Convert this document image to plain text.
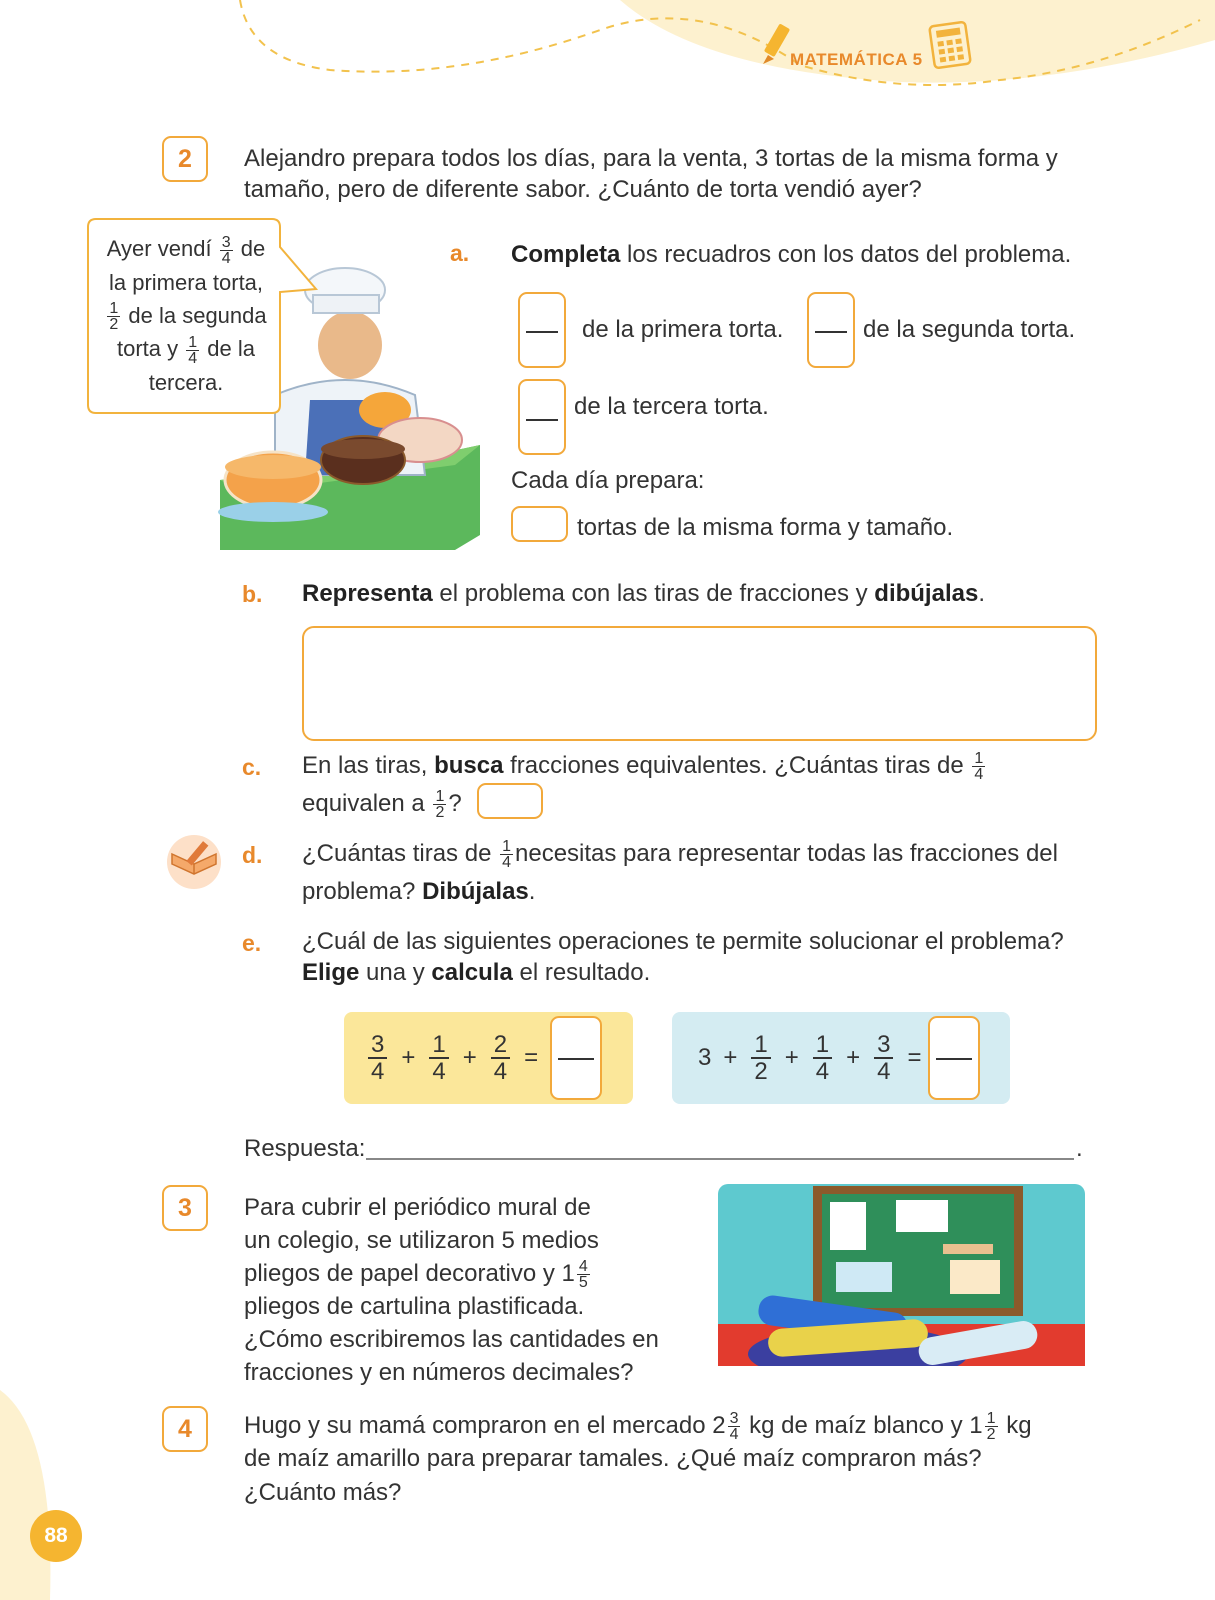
MATEMÁTICA 5
88
2	Alejandro prepara todos los días, para la venta, 3 tortas de la misma forma y
tamaño, pero de diferente sabor. ¿Cuánto de torta vendió ayer?
Ayer vendí $\frac{3}{4}$ de
la primera torta,
$\frac{1}{2}$ de la segunda
torta y $\frac{1}{4}$ de la
tercera.
a. Completa los recuadros con los datos del problema.
de la primera torta.	de la segunda torta.
de la tercera torta.
Cada día prepara:
tortas de la misma forma y tamaño.
b. Representa el problema con las tiras de fracciones y dibújalas.
c. En las tiras, busca fracciones equivalentes. ¿Cuántas tiras de $\frac{1}{4}$
equivalen a $\frac{1}{2}$ ?
d. ¿Cuántas tiras de $\frac{1}{4}$ necesitas para representar todas las fracciones del
problema? Dibújalas.
e. ¿Cuál de las siguientes operaciones te permite solucionar el problema?
Elige una y calcula el resultado.
$\frac{3}{4} + \frac{1}{4} + \frac{2}{4}$ =	$3 + \frac{1}{2} + \frac{1}{4} + \frac{3}{4}$ =
Respuesta:	.
3	Para cubrir el periódico mural de
un colegio, se utilizaron 5 medios
pliegos de papel decorativo y $1 \frac{4}{5}$
pliegos de cartulina plastificada.
¿Cómo escribiremos las cantidades en
fracciones y en números decimales?
4	Hugo y su mamá compraron en el mercado $2 \frac{3}{4}$ kg de maíz blanco y $1 \frac{1}{2}$ kg
de maíz amarillo para preparar tamales. ¿Qué maíz compraron más?
¿Cuánto más?
